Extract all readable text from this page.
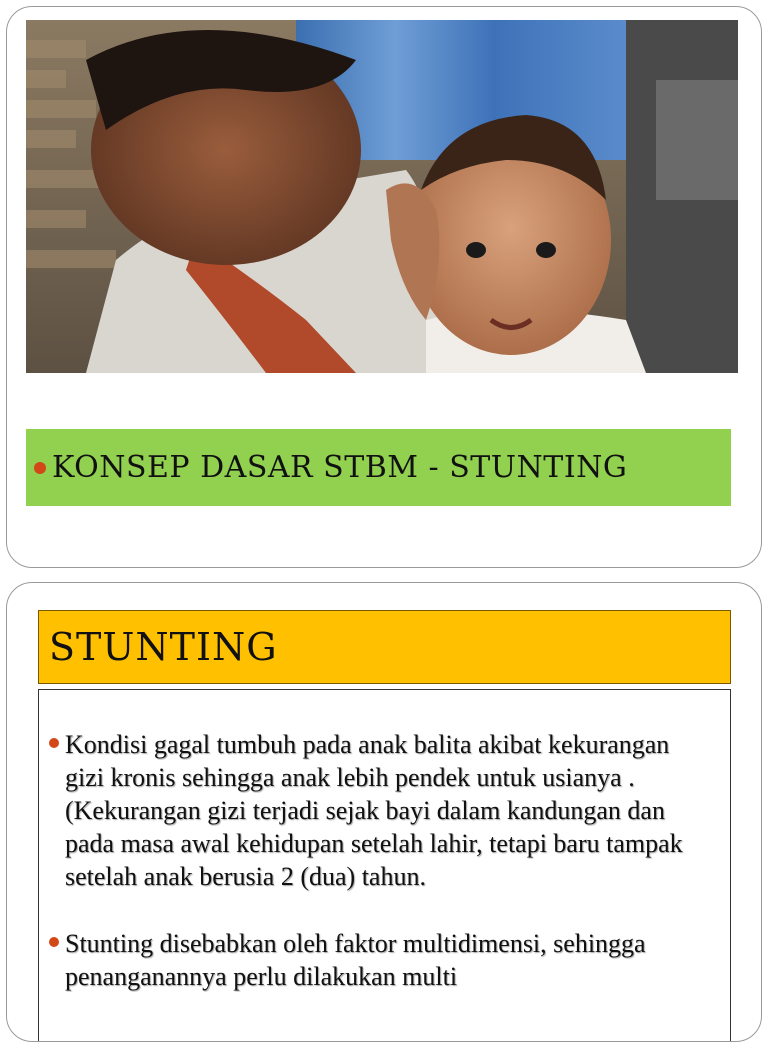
KONSEP DASAR STBM - STUNTING
STUNTING
Kondisi gagal tumbuh pada anak balita akibat kekurangan gizi kronis sehingga anak lebih pendek untuk usianya . (Kekurangan gizi terjadi sejak bayi dalam kandungan dan pada masa awal kehidupan setelah lahir, tetapi baru tampak setelah anak berusia 2 (dua) tahun.
Stunting disebabkan oleh faktor multidimensi, sehingga penanganannya perlu dilakukan multi
